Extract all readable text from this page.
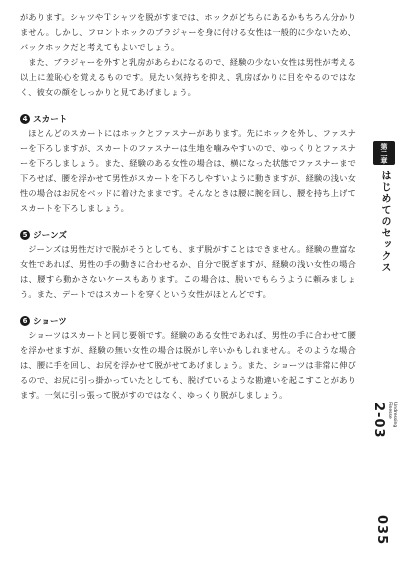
があります。シャツやＴシャツを脱がすまでは、ホックがどちらにあるかもちろん分かりません。しかし、フロントホックのブラジャーを身に付ける女性は一般的に少ないため、バックホックだと考えてもよいでしょう。

また、ブラジャーを外すと乳房があらわになるので、経験の少ない女性は男性が考える以上に羞恥心を覚えるものです。見たい気持ちを抑え、乳房ばかりに目をやるのではなく、彼女の顔をしっかりと見てあげましょう。

4 スカート

ほとんどのスカートにはホックとファスナーがあります。先にホックを外し、ファスナーを下ろしますが、スカートのファスナーは生地を噛みやすいので、ゆっくりとファスナーを下ろしましょう。また、経験のある女性の場合は、横になった状態でファスナーまで下ろせば、腰を浮かせて男性がスカートを下ろしやすいように動きますが、経験の浅い女性の場合はお尻をベッドに着けたままです。そんなときは腰に腕を回し、腰を持ち上げてスカートを下ろしましょう。

5 ジーンズ

ジーンズは男性だけで脱がそうとしても、まず脱がすことはできません。経験の豊富な女性であれば、男性の手の動きに合わせるか、自分で脱ぎますが、経験の浅い女性の場合は、腰すら動かさないケースもあります。この場合は、脱いでもらうように頼みましょう。また、デートではスカートを穿くという女性がほとんどです。

6 ショーツ

ショーツはスカートと同じ要領です。経験のある女性であれば、男性の手に合わせて腰を浮かせますが、経験の無い女性の場合は脱がし辛いかもしれません。そのような場合は、腰に手を回し、お尻を浮かせて脱がせてあげましょう。また、ショーツは非常に伸びるので、お尻に引っ掛かっていたとしても、脱げているような勘違いを起こすことがあります。一気に引っ張って脱がすのではなく、ゆっくり脱がしましょう。

第二章
はじめてのセックス
2-03	Undressing
Finesse
035
